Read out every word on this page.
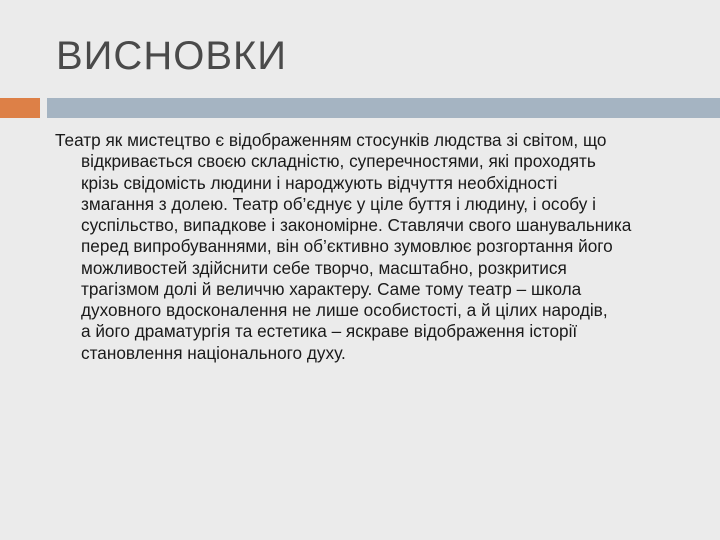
ВИСНОВКИ
Театр як мистецтво є відображенням стосунків людства зі світом, що
відкривається своєю складністю, суперечностями, які проходять
крізь свідомість людини і народжують відчуття необхідності
змагання з долею. Театр об’єднує у ціле буття і людину, і особу і
суспільство, випадкове і закономірне. Ставлячи свого шанувальника
перед випробуваннями, він об’єктивно зумовлює розгортання його
можливостей здійснити себе творчо, масштабно, розкритися
трагізмом долі й величчю характеру. Саме тому театр – школа
духовного вдосконалення не лише особистості, а й цілих народів,
а його драматургія та естетика – яскраве відображення історії
становлення національного духу.
